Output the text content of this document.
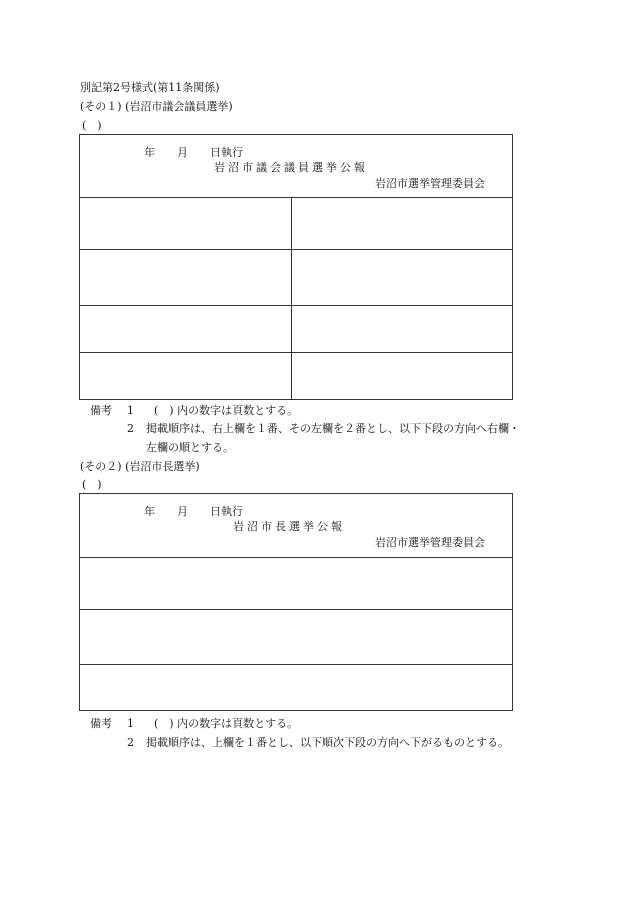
別記第2号様式(第11条関係)
(その１) (岩沼市議会議員選挙)
(　)
年　　月　　日執行
岩沼市議会議員選挙公報
岩沼市選挙管理委員会
備考 1 (　) 内の数字は頁数とする。
2 掲載順序は、右上欄を１番、その左欄を２番とし、以下下段の方向へ右欄・
左欄の順とする。
(その２) (岩沼市長選挙)
(　)
年　　月　　日執行
岩沼市長選挙公報
岩沼市選挙管理委員会
備考 1 (　) 内の数字は頁数とする。
2 掲載順序は、上欄を１番とし、以下順次下段の方向へ下がるものとする。
